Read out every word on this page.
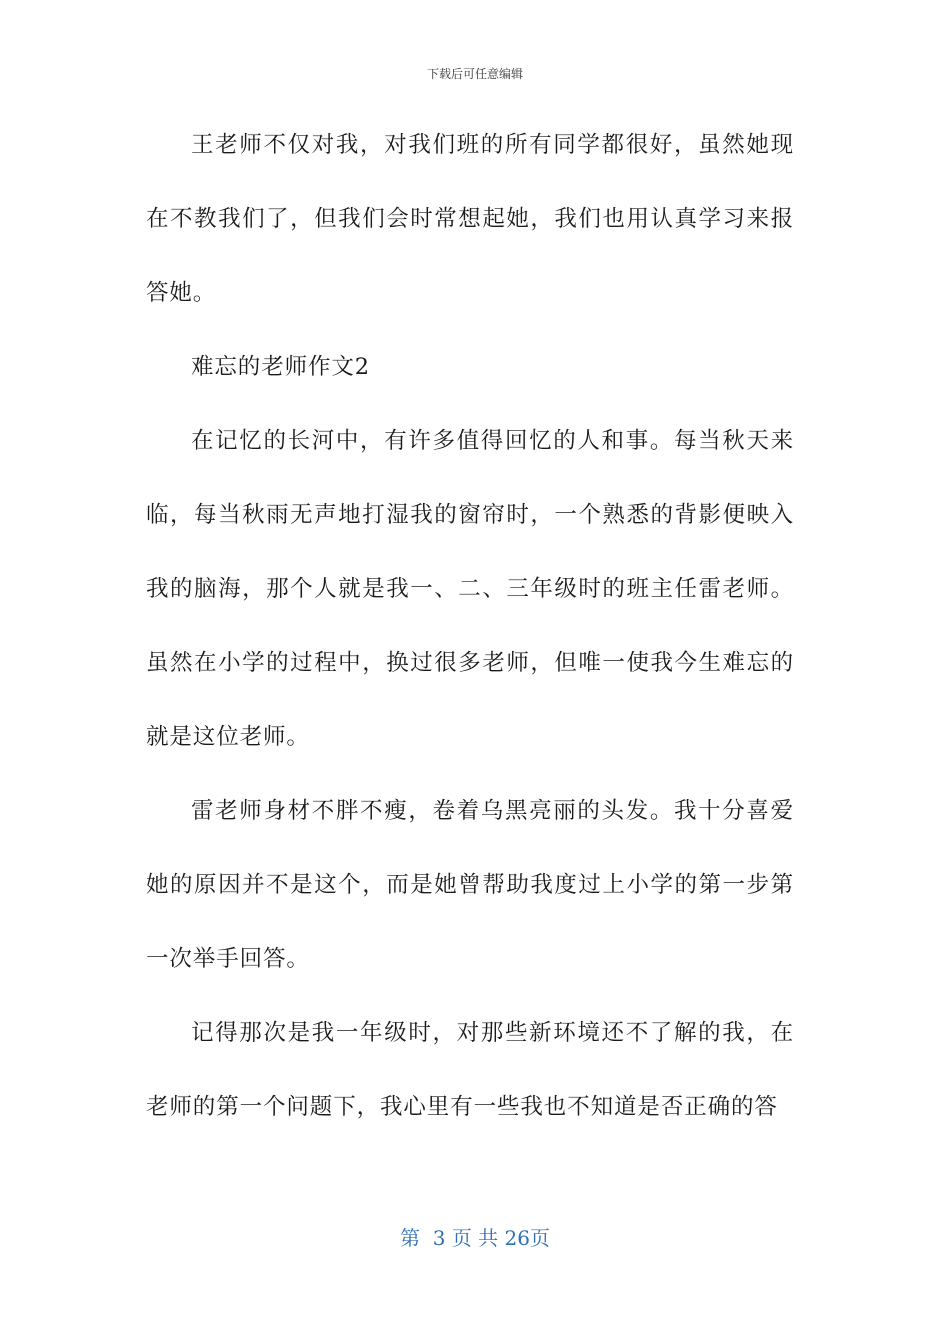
下载后可任意编辑

王老师不仅对我，对我们班的所有同学都很好，虽然她现在不教我们了，但我们会时常想起她，我们也用认真学习来报答她。

难忘的老师作文2

在记忆的长河中，有许多值得回忆的人和事。每当秋天来临，每当秋雨无声地打湿我的窗帘时，一个熟悉的背影便映入我的脑海，那个人就是我一、二、三年级时的班主任雷老师。虽然在小学的过程中，换过很多老师，但唯一使我今生难忘的就是这位老师。

雷老师身材不胖不瘦，卷着乌黑亮丽的头发。我十分喜爱她的原因并不是这个，而是她曾帮助我度过上小学的第一步第一次举手回答。

记得那次是我一年级时，对那些新环境还不了解的我，在老师的第一个问题下，我心里有一些我也不知道是否正确的答

第 3 页 共 26页
